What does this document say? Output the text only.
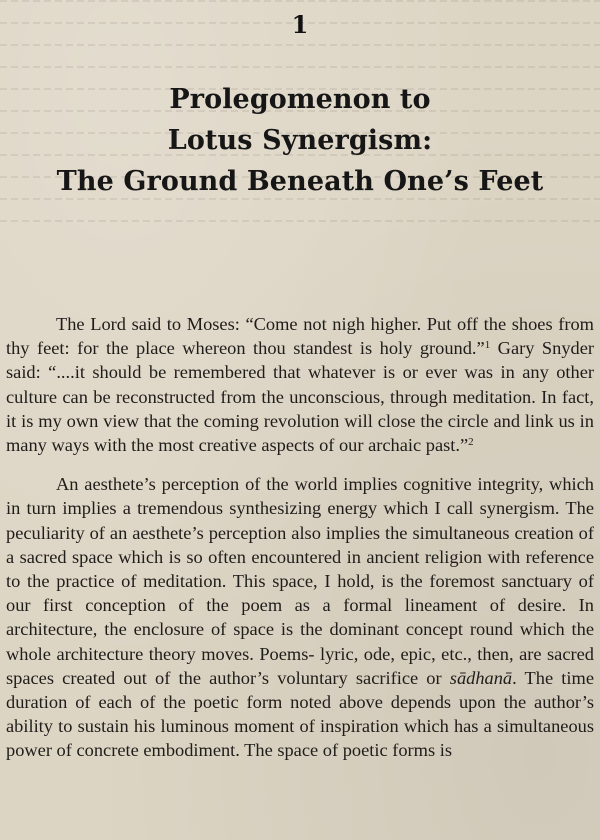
1
Prolegomenon to
Lotus Synergism:
The Ground Beneath One’s Feet

The Lord said to Moses: “Come not nigh higher. Put off the shoes from thy feet: for the place whereon thou standest is holy ground.”$^1$ Gary Snyder said: “....it should be remembered that whatever is or ever was in any other culture can be reconstructed from the unconscious, through meditation. In fact, it is my own view that the coming revolution will close the circle and link us in many ways with the most creative aspects of our archaic past.”$^2$

An aesthete’s perception of the world implies cognitive integrity, which in turn implies a tremendous synthesizing energy which I call synergism. The peculiarity of an aesthete’s perception also implies the simultaneous creation of a sacred space which is so often encountered in ancient religion with reference to the practice of meditation. This space, I hold, is the foremost sanctuary of our first conception of the poem as a formal lineament of desire. In architecture, the enclosure of space is the dominant concept round which the whole architecture theory moves. Poems- lyric, ode, epic, etc., then, are sacred spaces created out of the author’s voluntary sacrifice or sādhanā. The time duration of each of the poetic form noted above depends upon the author’s ability to sustain his luminous moment of inspiration which has a simultaneous power of concrete embodiment. The space of poetic forms is
